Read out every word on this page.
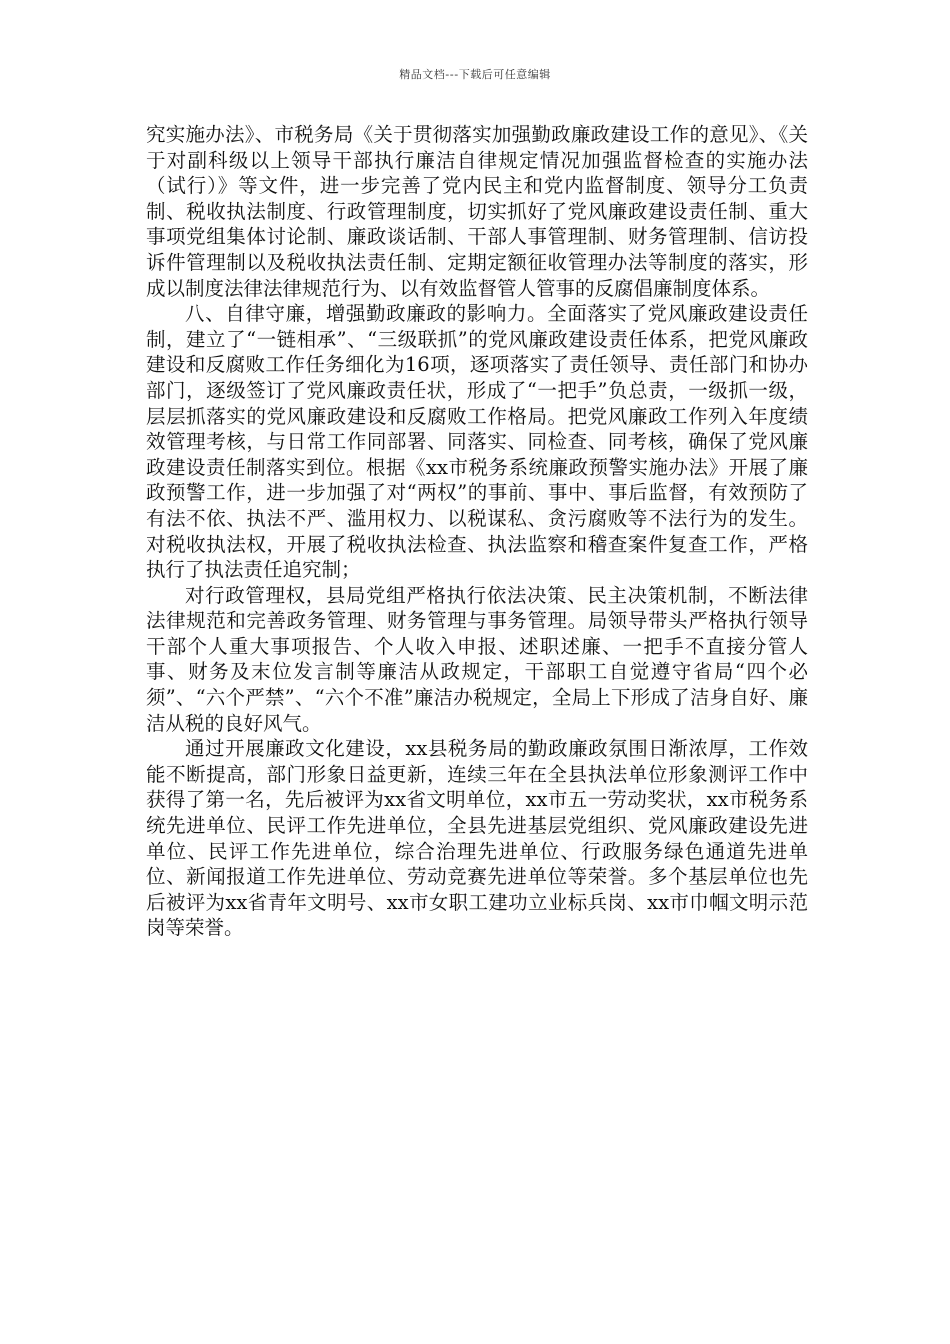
精品文档---下载后可任意编辑

究实施办法》、市税务局《关于贯彻落实加强勤政廉政建设工作的意见》、《关于对副科级以上领导干部执行廉洁自律规定情况加强监督检查的实施办法（试行）》等文件，进一步完善了党内民主和党内监督制度、领导分工负责制、税收执法制度、行政管理制度，切实抓好了党风廉政建设责任制、重大事项党组集体讨论制、廉政谈话制、干部人事管理制、财务管理制、信访投诉件管理制以及税收执法责任制、定期定额征收管理办法等制度的落实，形成以制度法律法律规范行为、以有效监督管人管事的反腐倡廉制度体系。

八、自律守廉，增强勤政廉政的影响力。全面落实了党风廉政建设责任制，建立了“一链相承”、“三级联抓”的党风廉政建设责任体系，把党风廉政建设和反腐败工作任务细化为16项，逐项落实了责任领导、责任部门和协办部门，逐级签订了党风廉政责任状，形成了“一把手”负总责，一级抓一级，层层抓落实的党风廉政建设和反腐败工作格局。把党风廉政工作列入年度绩效管理考核，与日常工作同部署、同落实、同检查、同考核，确保了党风廉政建设责任制落实到位。根据《xx市税务系统廉政预警实施办法》开展了廉政预警工作，进一步加强了对“两权”的事前、事中、事后监督，有效预防了有法不依、执法不严、滥用权力、以税谋私、贪污腐败等不法行为的发生。对税收执法权，开展了税收执法检查、执法监察和稽查案件复查工作，严格执行了执法责任追究制；

对行政管理权，县局党组严格执行依法决策、民主决策机制，不断法律法律规范和完善政务管理、财务管理与事务管理。局领导带头严格执行领导干部个人重大事项报告、个人收入申报、述职述廉、一把手不直接分管人事、财务及末位发言制等廉洁从政规定，干部职工自觉遵守省局“四个必须”、“六个严禁”、“六个不准”廉洁办税规定，全局上下形成了洁身自好、廉洁从税的良好风气。

通过开展廉政文化建设，xx县税务局的勤政廉政氛围日渐浓厚，工作效能不断提高，部门形象日益更新，连续三年在全县执法单位形象测评工作中获得了第一名，先后被评为xx省文明单位，xx市五一劳动奖状，xx市税务系统先进单位、民评工作先进单位，全县先进基层党组织、党风廉政建设先进单位、民评工作先进单位，综合治理先进单位、行政服务绿色通道先进单位、新闻报道工作先进单位、劳动竞赛先进单位等荣誉。多个基层单位也先后被评为xx省青年文明号、xx市女职工建功立业标兵岗、xx市巾帼文明示范岗等荣誉。
